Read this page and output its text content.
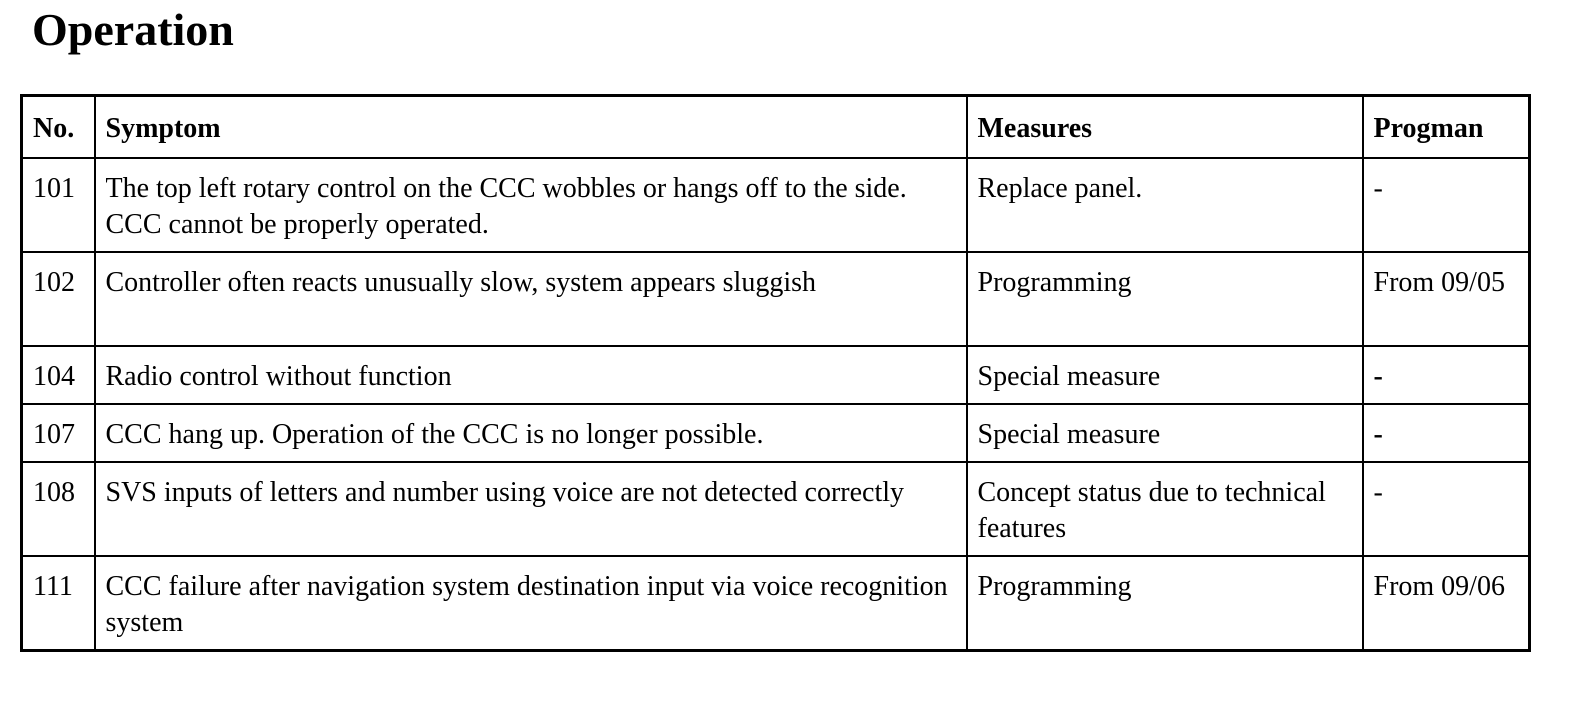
Operation
No.	Symptom	Measures	Progman
101	The top left rotary control on the CCC wobbles or hangs off to the side. CCC cannot be properly operated.	Replace panel.	-
102	Controller often reacts unusually slow, system appears sluggish	Programming	From 09/05
104	Radio control without function	Special measure	-
107	CCC hang up. Operation of the CCC is no longer possible.	Special measure	-
108	SVS inputs of letters and number using voice are not detected correctly	Concept status due to technical features	-
111	CCC failure after navigation system destination input via voice recognition system	Programming	From 09/06
